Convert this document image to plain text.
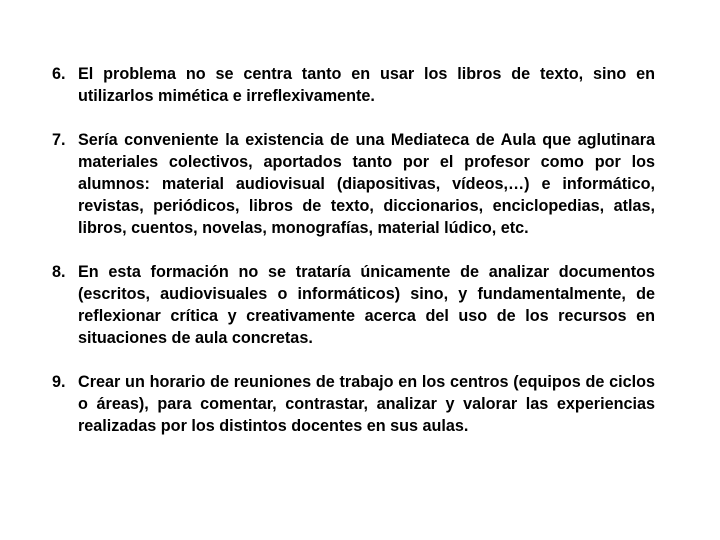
6. El problema no se centra tanto en usar los libros de texto, sino en utilizarlos mimética e irreflexivamente.
7. Sería conveniente la existencia de una Mediateca de Aula que aglutinara materiales colectivos, aportados tanto por el profesor como por los alumnos: material audiovisual (diapositivas, vídeos,…) e informático, revistas, periódicos, libros de texto, diccionarios, enciclopedias, atlas, libros, cuentos, novelas, monografías, material lúdico, etc.
8. En esta formación no se trataría únicamente de analizar documentos (escritos, audiovisuales o informáticos) sino, y fundamentalmente, de reflexionar crítica y creativamente acerca del uso de los recursos en situaciones de aula concretas.
9. Crear un horario de reuniones de trabajo en los centros (equipos de ciclos o áreas), para comentar, contrastar, analizar y valorar las experiencias realizadas por los distintos docentes en sus aulas.
